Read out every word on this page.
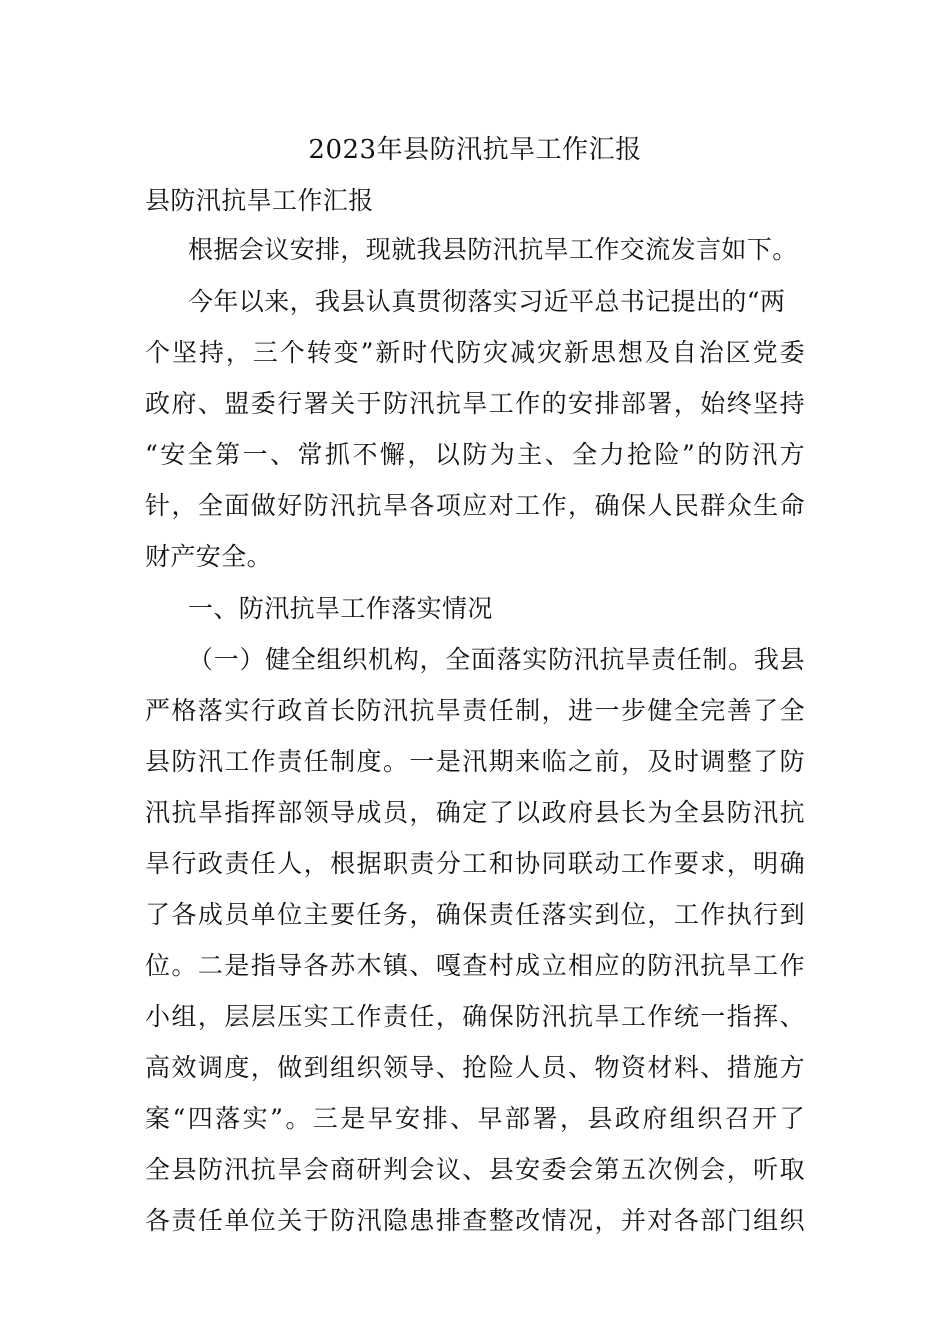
2023年县防汛抗旱工作汇报
县防汛抗旱工作汇报
根据会议安排，现就我县防汛抗旱工作交流发言如下。
今年以来，我县认真贯彻落实习近平总书记提出的“两
个坚持，三个转变”新时代防灾减灾新思想及自治区党委
政府、盟委行署关于防汛抗旱工作的安排部署，始终坚持
“安全第一、常抓不懈，以防为主、全力抢险”的防汛方
针，全面做好防汛抗旱各项应对工作，确保人民群众生命
财产安全。
一、防汛抗旱工作落实情况
（一）健全组织机构，全面落实防汛抗旱责任制。我县
严格落实行政首长防汛抗旱责任制，进一步健全完善了全
县防汛工作责任制度。一是汛期来临之前，及时调整了防
汛抗旱指挥部领导成员，确定了以政府县长为全县防汛抗
旱行政责任人，根据职责分工和协同联动工作要求，明确
了各成员单位主要任务，确保责任落实到位，工作执行到
位。二是指导各苏木镇、嘎查村成立相应的防汛抗旱工作
小组，层层压实工作责任，确保防汛抗旱工作统一指挥、
高效调度，做到组织领导、抢险人员、物资材料、措施方
案“四落实”。三是早安排、早部署，县政府组织召开了
全县防汛抗旱会商研判会议、县安委会第五次例会，听取
各责任单位关于防汛隐患排查整改情况，并对各部门组织
